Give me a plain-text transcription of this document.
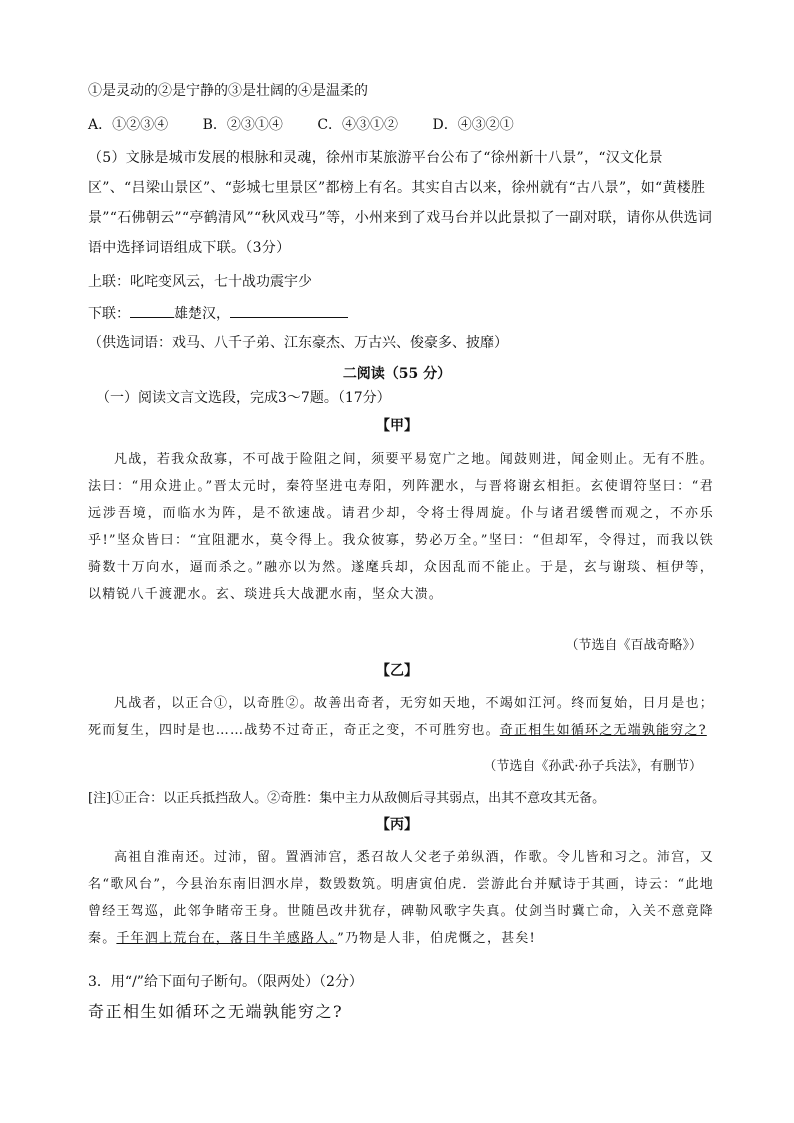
①是灵动的②是宁静的③是壮阔的④是温柔的
A．①②③④ B．②③①④ C．④③①② D．④③②①
（5）文脉是城市发展的根脉和灵魂，徐州市某旅游平台公布了“徐州新十八景”，“汉文化景区”、“吕梁山景区”、“彭城七里景区”都榜上有名。其实自古以来，徐州就有“古八景”，如“黄楼胜景”“石佛朝云”“亭鹤清风”“秋风戏马”等，小州来到了戏马台并以此景拟了一副对联，请你从供选词语中选择词语组成下联。（3分）
上联：叱咤变风云，七十战功震宇少
下联：	雄楚汉，
（供选词语：戏马、八千子弟、江东豪杰、万古兴、俊豪多、披靡）
二阅读（55 分）
（一）阅读文言文选段，完成3～7题。（17分）
【甲】
凡战，若我众敌寡，不可战于险阻之间，须要平易宽广之地。闻鼓则进，闻金则止。无有不胜。法曰：“用众进止。”晋太元时，秦符坚进屯寿阳，列阵淝水，与晋将谢玄相拒。玄使谓符坚曰：“君远涉吾境，而临水为阵，是不欲速战。请君少却，令将士得周旋。仆与诸君缓辔而观之，不亦乐乎!”坚众皆曰：“宜阻淝水，莫令得上。我众彼寡，势必万全。”坚曰：“但却军，令得过，而我以铁骑数十万向水，逼而杀之。”融亦以为然。遂麾兵却，众因乱而不能止。于是，玄与谢琰、桓伊等，以精锐八千渡淝水。玄、琰进兵大战淝水南，坚众大溃。
（节选自《百战奇略》）
【乙】
凡战者，以正合①，以奇胜②。故善出奇者，无穷如天地，不竭如江河。终而复始，日月是也；死而复生，四时是也……战势不过奇正，奇正之变，不可胜穷也。奇正相生如循环之无端孰能穷之?
（节选自《孙武·孙子兵法》，有删节）
[注]①正合：以正兵抵挡敌人。②奇胜：集中主力从敌侧后寻其弱点，出其不意攻其无备。
【丙】
高祖自淮南还。过沛，留。置酒沛宫，悉召故人父老子弟纵酒，作歌。令儿皆和习之。沛宫，又名“歌风台”，今县治东南旧泗水岸，数毁数筑。明唐寅伯虎．尝游此台并赋诗于其画，诗云：“此地曾经王驾巡，此邻争睹帝王身。世随邑改井犹存，碑勒风歌字失真。仗剑当时冀亡命，入关不意竟降秦。千年泗上荒台在，落日牛羊感路人。”乃物是人非，伯虎慨之，甚矣!
3．用“/”给下面句子断句。（限两处）（2分）
奇正相生如循环之无端孰能穷之?
